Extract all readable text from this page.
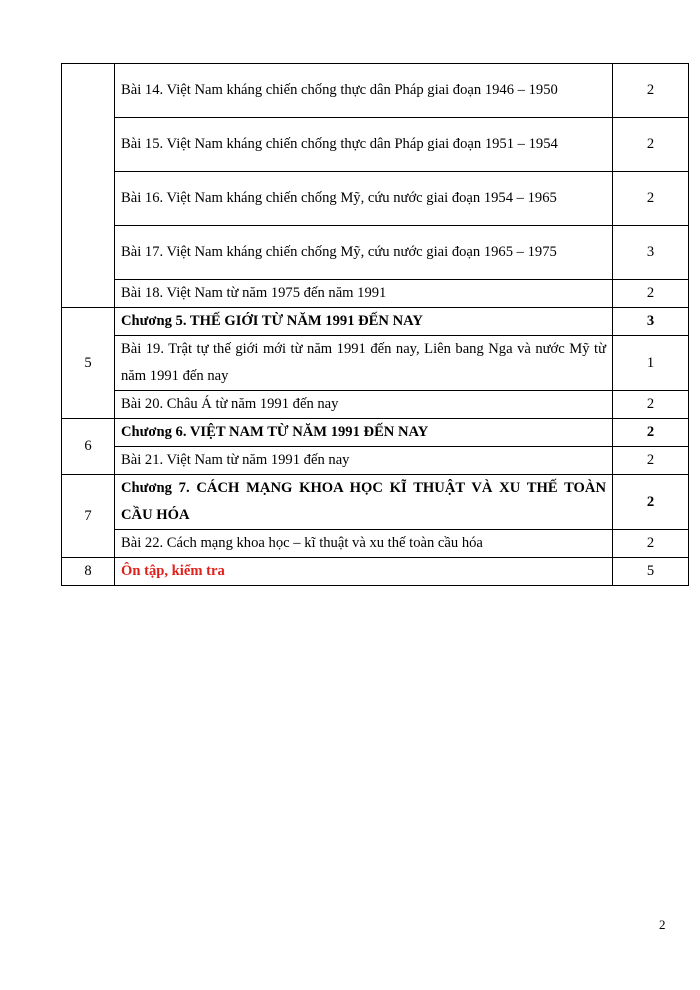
	Bài 14. Việt Nam kháng chiến chống thực dân Pháp giai đoạn 1946 – 1950	2
	Bài 15. Việt Nam kháng chiến chống thực dân Pháp giai đoạn 1951 – 1954	2
	Bài 16. Việt Nam kháng chiến chống Mỹ, cứu nước giai đoạn 1954 – 1965	2
	Bài 17. Việt Nam kháng chiến chống Mỹ, cứu nước giai đoạn 1965 – 1975	3
	Bài 18. Việt Nam từ năm 1975 đến năm 1991	2
5	Chương 5. THẾ GIỚI TỪ NĂM 1991 ĐẾN NAY	3
	Bài 19. Trật tự thế giới mới từ năm 1991 đến nay, Liên bang Nga và nước Mỹ từ năm 1991 đến nay	1
	Bài 20. Châu Á từ năm 1991 đến nay	2
6	Chương 6. VIỆT NAM TỪ NĂM 1991 ĐẾN NAY	2
	Bài 21. Việt Nam từ năm 1991 đến nay	2
7	Chương 7. CÁCH MẠNG KHOA HỌC KĨ THUẬT VÀ XU THẾ TOÀN CẦU HÓA	2
	Bài 22. Cách mạng khoa học – kĩ thuật và xu thế toàn cầu hóa	2
8	Ôn tập, kiểm tra	5
2
